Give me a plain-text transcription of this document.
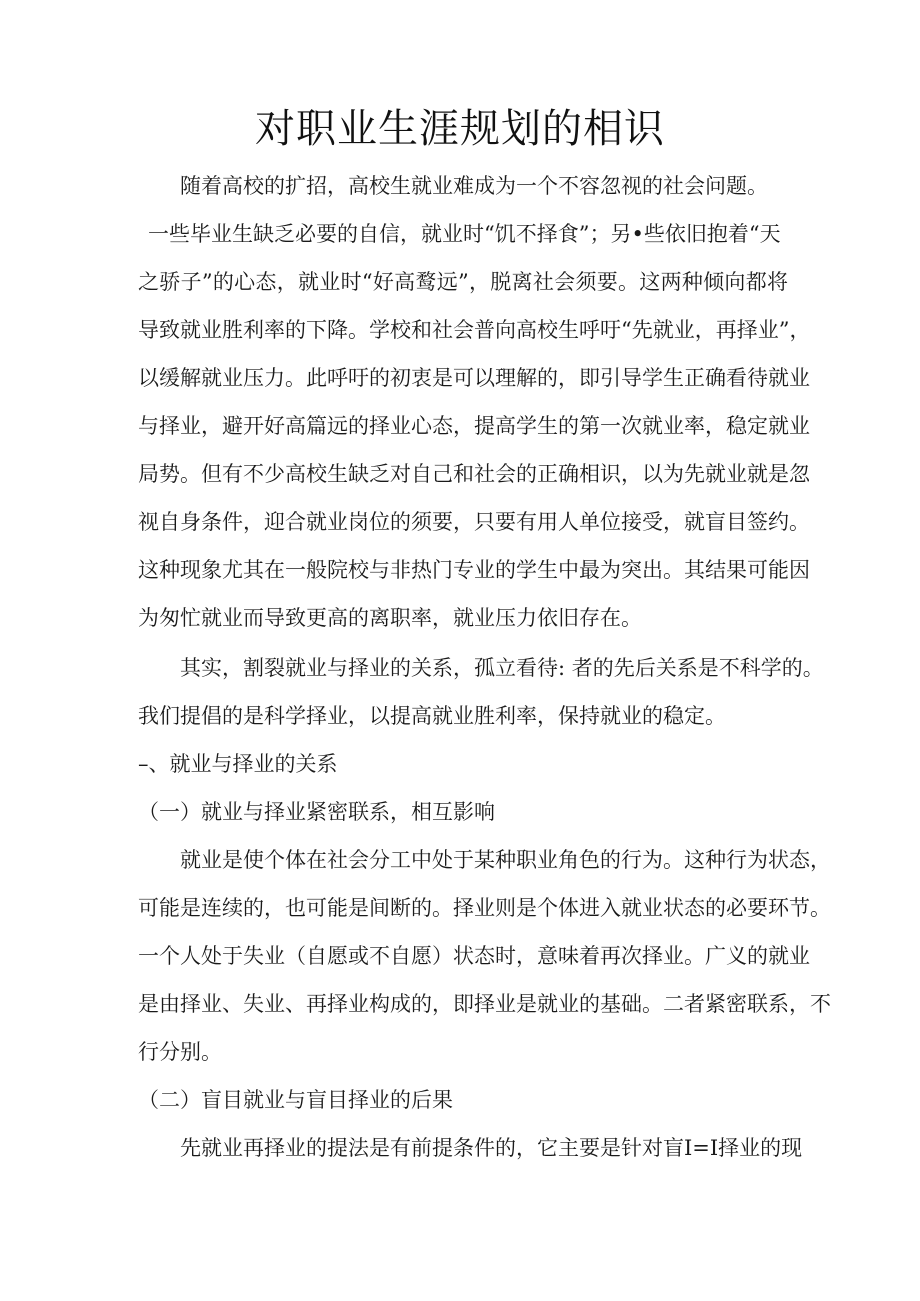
对职业生涯规划的相识

随着高校的扩招，高校生就业难成为一个不容忽视的社会问题。

一些毕业生缺乏必要的自信，就业时“饥不择食”；另•些依旧抱着“天

之骄子”的心态，就业时“好高鹜远”，脱离社会须要。这两种倾向都将

导致就业胜利率的下降。学校和社会普向高校生呼吁“先就业，再择业”，

以缓解就业压力。此呼吁的初衷是可以理解的，即引导学生正确看待就业

与择业，避开好高篇远的择业心态，提高学生的第一次就业率，稳定就业

局势。但有不少高校生缺乏对自己和社会的正确相识，以为先就业就是忽

视自身条件，迎合就业岗位的须要，只要有用人单位接受，就盲目签约。

这种现象尤其在一般院校与非热门专业的学生中最为突出。其结果可能因

为匆忙就业而导致更高的离职率，就业压力依旧存在。

其实，割裂就业与择业的关系，孤立看待: 者的先后关系是不科学的。

我们提倡的是科学择业，以提高就业胜利率，保持就业的稳定。

–、就业与择业的关系

（一）就业与择业紧密联系，相互影响

就业是使个体在社会分工中处于某种职业角色的行为。这种行为状态，

可能是连续的，也可能是间断的。择业则是个体进入就业状态的必要环节。

一个人处于失业（自愿或不自愿）状态时，意味着再次择业。广义的就业

是由择业、失业、再择业构成的，即择业是就业的基础。二者紧密联系，不

行分别。

（二）盲目就业与盲目择业的后果

先就业再择业的提法是有前提条件的，它主要是针对盲I=I择业的现
